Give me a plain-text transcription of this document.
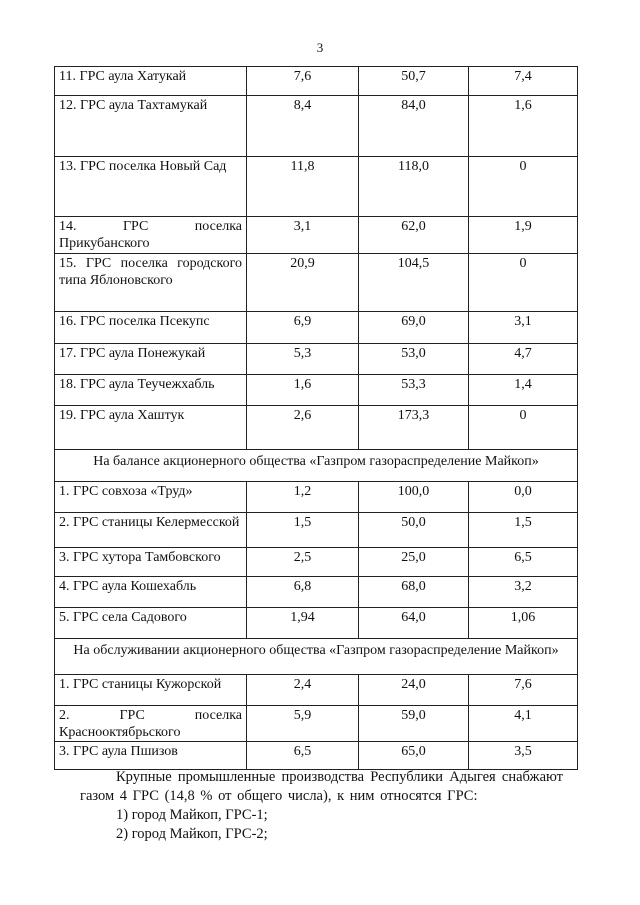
3
11. ГРС аула Хатукай	7,6	50,7	7,4
12. ГРС аула Тахтамукай	8,4	84,0	1,6
13. ГРС поселка Новый Сад	11,8	118,0	0
14. ГРС поселка Прикубанского	3,1	62,0	1,9
15. ГРС поселка городского типа Яблоновского	20,9	104,5	0
16. ГРС поселка Псекупс	6,9	69,0	3,1
17. ГРС аула Понежукай	5,3	53,0	4,7
18. ГРС аула Теучежхабль	1,6	53,3	1,4
19. ГРС аула Хаштук	2,6	173,3	0
На балансе акционерного общества «Газпром газораспределение Майкоп»			
1. ГРС совхоза «Труд»	1,2	100,0	0,0
2. ГРС станицы Келермесской	1,5	50,0	1,5
3. ГРС хутора Тамбовского	2,5	25,0	6,5
4. ГРС аула Кошехабль	6,8	68,0	3,2
5. ГРС села Садового	1,94	64,0	1,06
На обслуживании акционерного общества «Газпром газораспределение Майкоп»			
1. ГРС станицы Кужорской	2,4	24,0	7,6
2. ГРС поселка Краснооктябрьского	5,9	59,0	4,1
3. ГРС аула Пшизов	6,5	65,0	3,5

Крупные промышленные производства Республики Адыгея снабжают газом 4 ГРС (14,8 % от общего числа), к ним относятся ГРС:

1) город Майкоп, ГРС-1;

2) город Майкоп, ГРС-2;
